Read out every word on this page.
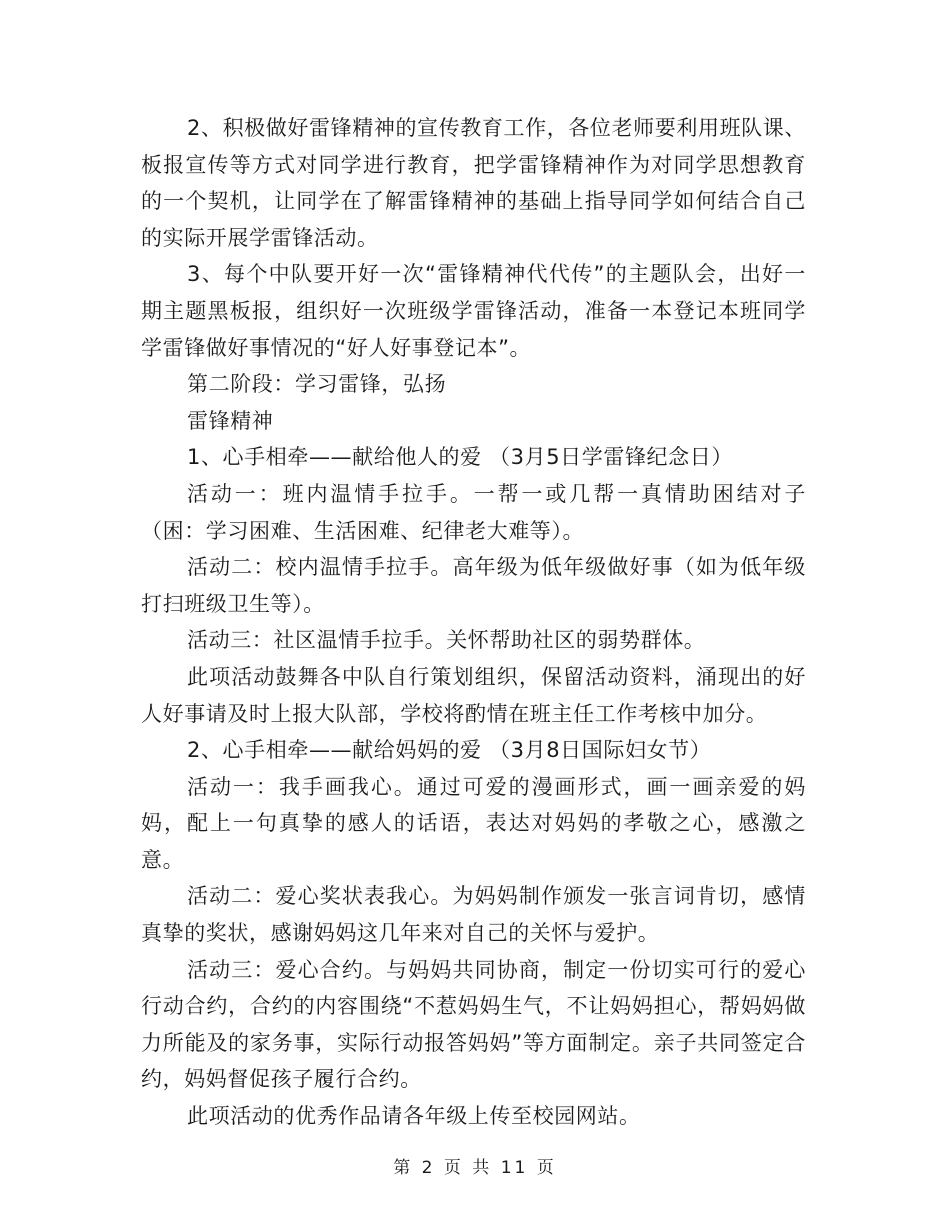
2、积极做好雷锋精神的宣传教育工作，各位老师要利用班队课、板报宣传等方式对同学进行教育，把学雷锋精神作为对同学思想教育的一个契机，让同学在了解雷锋精神的基础上指导同学如何结合自己的实际开展学雷锋活动。

3、每个中队要开好一次“雷锋精神代代传”的主题队会，出好一期主题黑板报，组织好一次班级学雷锋活动，准备一本登记本班同学学雷锋做好事情况的“好人好事登记本”。

第二阶段：学习雷锋，弘扬

雷锋精神

1、心手相牵——献给他人的爱 （3月5日学雷锋纪念日）

活动一：班内温情手拉手。一帮一或几帮一真情助困结对子（困：学习困难、生活困难、纪律老大难等）。

活动二：校内温情手拉手。高年级为低年级做好事（如为低年级打扫班级卫生等）。

活动三：社区温情手拉手。关怀帮助社区的弱势群体。

此项活动鼓舞各中队自行策划组织，保留活动资料，涌现出的好人好事请及时上报大队部，学校将酌情在班主任工作考核中加分。

2、心手相牵——献给妈妈的爱 （3月8日国际妇女节）

活动一：我手画我心。通过可爱的漫画形式，画一画亲爱的妈妈，配上一句真挚的感人的话语，表达对妈妈的孝敬之心，感激之意。

活动二：爱心奖状表我心。为妈妈制作颁发一张言词肯切，感情真挚的奖状，感谢妈妈这几年来对自己的关怀与爱护。

活动三：爱心合约。与妈妈共同协商，制定一份切实可行的爱心行动合约，合约的内容围绕“不惹妈妈生气，不让妈妈担心，帮妈妈做力所能及的家务事，实际行动报答妈妈”等方面制定。亲子共同签定合约，妈妈督促孩子履行合约。

此项活动的优秀作品请各年级上传至校园网站。

第 2 页 共 11 页
